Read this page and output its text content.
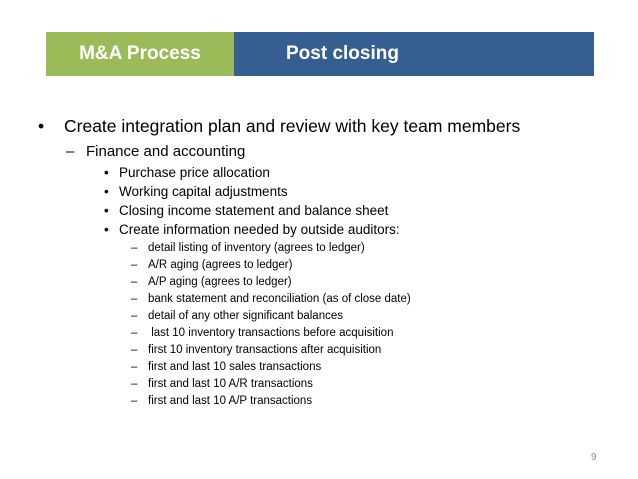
M&A Process	Post closing
• Create integration plan and review with key team members
– Finance and accounting
• Purchase price allocation
• Working capital adjustments
• Closing income statement and balance sheet
• Create information needed by outside auditors:
– detail listing of inventory (agrees to ledger)
– A/R aging (agrees to ledger)
– A/P aging (agrees to ledger)
– bank statement and reconciliation (as of close date)
– detail of any other significant balances
– last 10 inventory transactions before acquisition
– first 10 inventory transactions after acquisition
– first and last 10 sales transactions
– first and last 10 A/R transactions
– first and last 10 A/P transactions
9
